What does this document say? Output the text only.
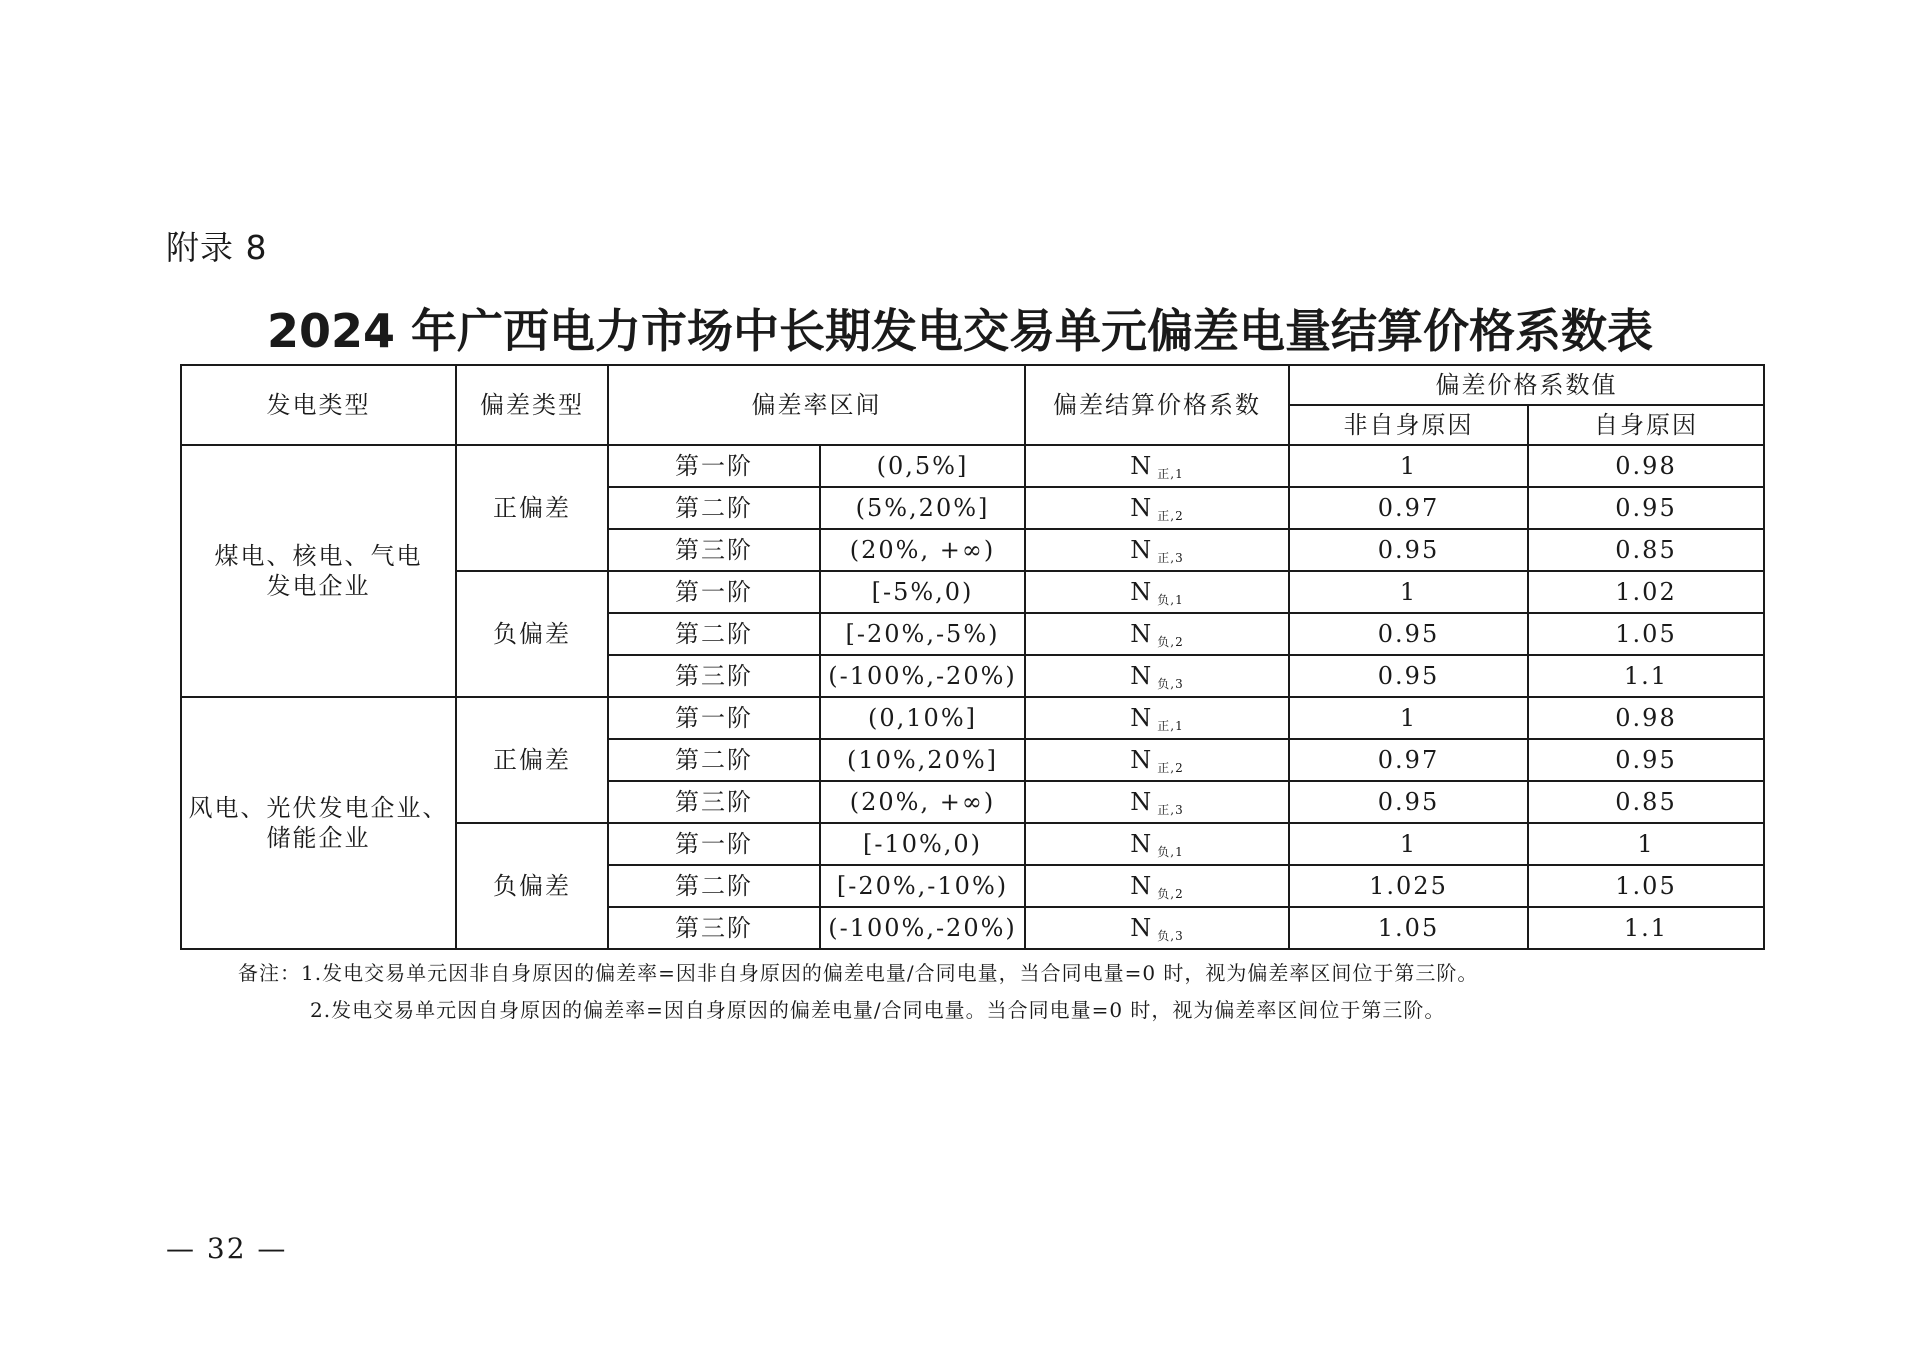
附录 8
2024 年广西电力市场中长期发电交易单元偏差电量结算价格系数表
发电类型	偏差类型	偏差率区间		偏差结算价格系数	偏差价格系数值	
					非自身原因	自身原因

煤电、核电、气电
发电企业	正偏差	第一阶	(0,5%]	N $_{正,1}$	1	0.98
		第二阶	(5%,20%]	N $_{正,2}$	0.97	0.95
		第三阶	(20%, +∞)	N $_{正,3}$	0.95	0.85
	负偏差	第一阶	[-5%,0)	N $_{负,1}$	1	1.02
		第二阶	[-20%,-5%)	N $_{负,2}$	0.95	1.05
		第三阶	(-100%,-20%)	N $_{负,3}$	0.95	1.1

风电、光伏发电企业、
储能企业	正偏差	第一阶	(0,10%]	N $_{正,1}$	1	0.98
		第二阶	(10%,20%]	N $_{正,2}$	0.97	0.95
		第三阶	(20%, +∞)	N $_{正,3}$	0.95	0.85
	负偏差	第一阶	[-10%,0)	N $_{负,1}$	1	1
		第二阶	[-20%,-10%)	N $_{负,2}$	1.025	1.05
		第三阶	(-100%,-20%)	N $_{负,3}$	1.05	1.1
备注：1.发电交易单元因非自身原因的偏差率=因非自身原因的偏差电量/合同电量，当合同电量=0 时，视为偏差率区间位于第三阶。
2.发电交易单元因自身原因的偏差率=因自身原因的偏差电量/合同电量。当合同电量=0 时，视为偏差率区间位于第三阶。
— 32 —
